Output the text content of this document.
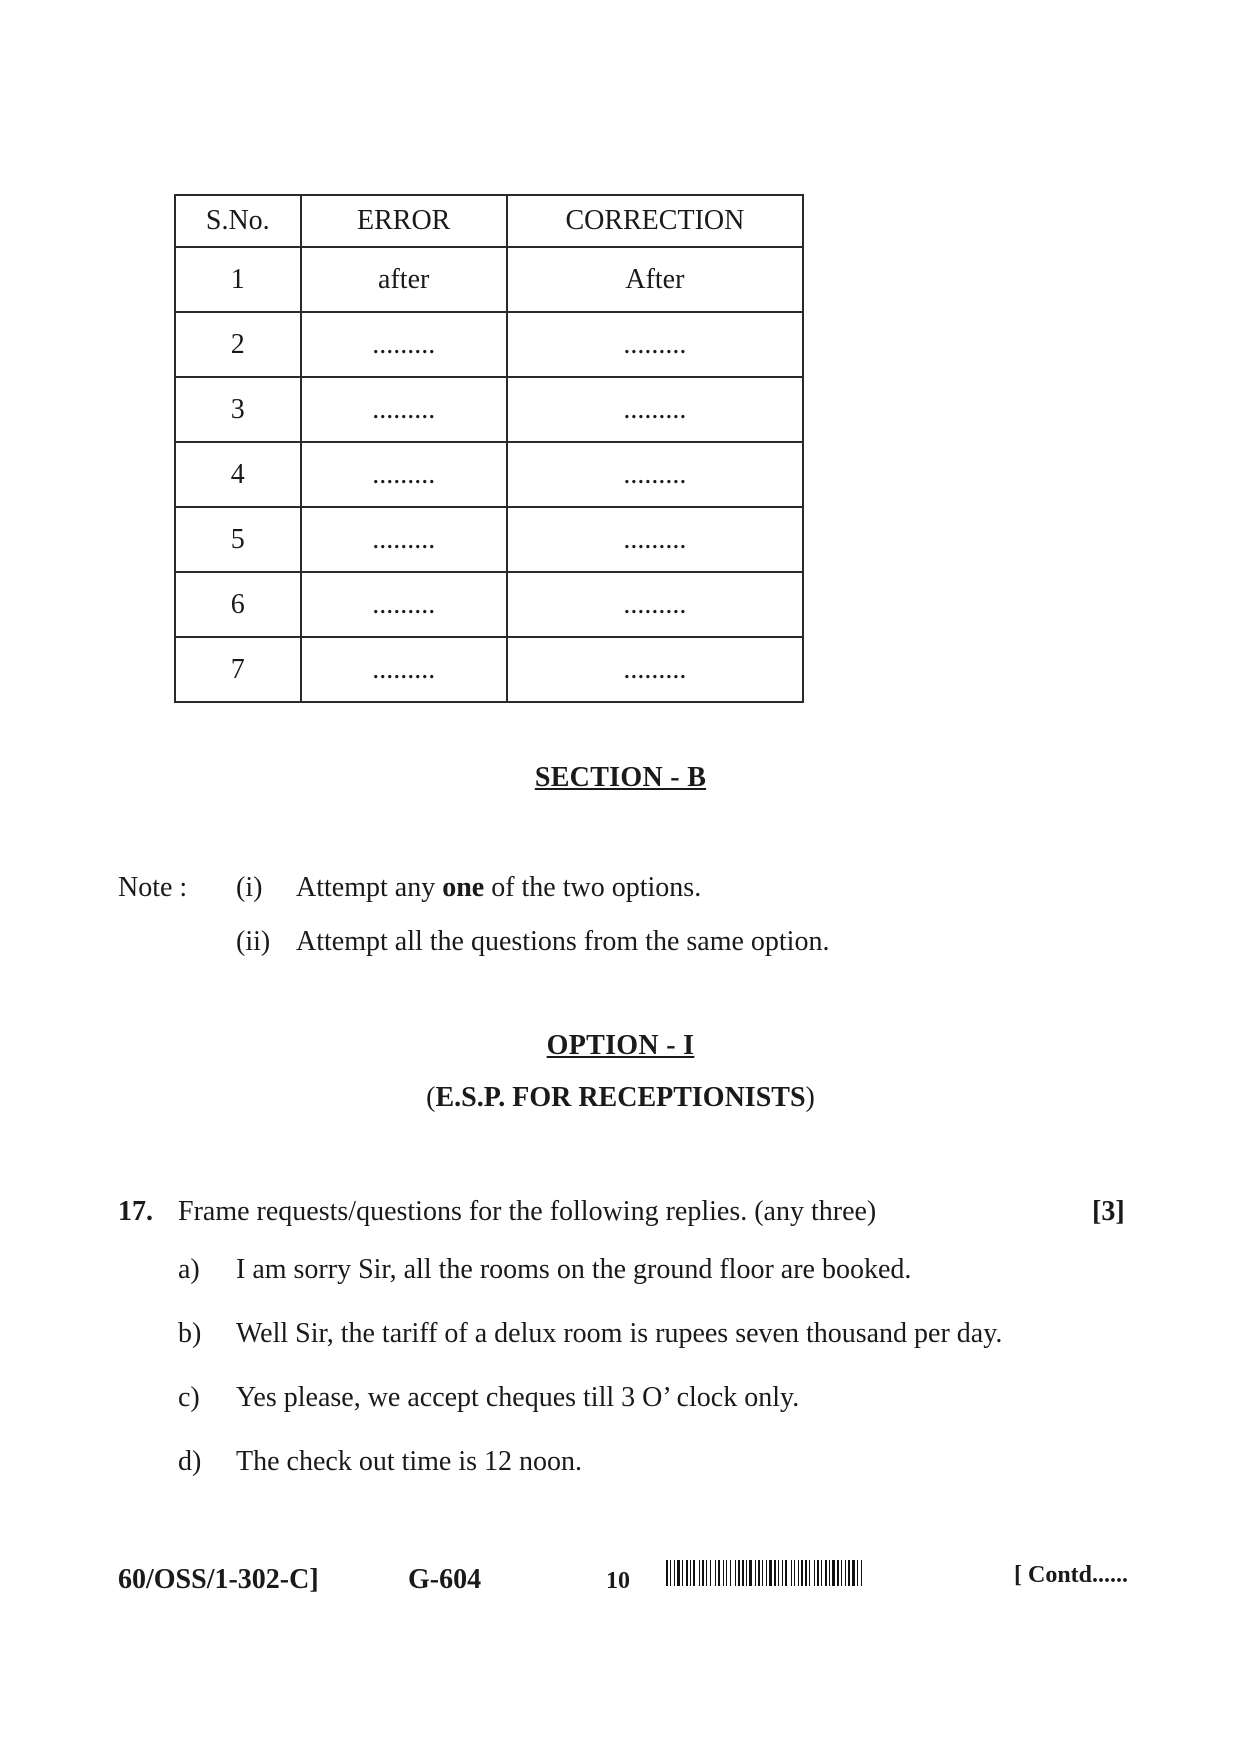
S.No.	ERROR	CORRECTION
1	after	After
2	.........	.........
3	.........	.........
4	.........	.........
5	.........	.........
6	.........	.........
7	.........	.........
SECTION - B
Note : (i) Attempt any one of the two options.
(ii) Attempt all the questions from the same option.
OPTION - I
(E.S.P. FOR RECEPTIONISTS)
17. Frame requests/questions for the following replies. (any three)	[3]
a) I am sorry Sir, all the rooms on the ground floor are booked.
b) Well Sir, the tariff of a delux room is rupees seven thousand per day.
c) Yes please, we accept cheques till 3 O’ clock only.
d) The check out time is 12 noon.
60/OSS/1-302-C]	G-604	10	[ Contd......
